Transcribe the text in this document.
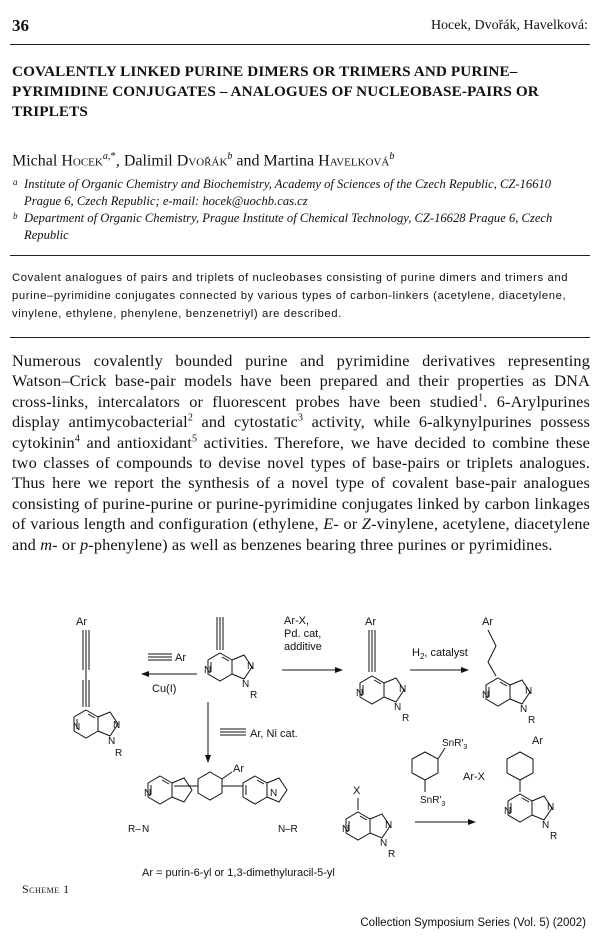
36	Hocek, Dvořák, Havelková:
COVALENTLY LINKED PURINE DIMERS OR TRIMERS AND PURINE–PYRIMIDINE CONJUGATES – ANALOGUES OF NUCLEOBASE-PAIRS OR TRIPLETS
Michal Hocek$^{a,*}$, Dalimil Dvořák$^b$ and Martina Havelková$^b$
a Institute of Organic Chemistry and Biochemistry, Academy of Sciences of the Czech Republic, CZ-16610 Prague 6, Czech Republic; e-mail: hocek@uochb.cas.cz
b Department of Organic Chemistry, Prague Institute of Chemical Technology, CZ-16628 Prague 6, Czech Republic
Covalent analogues of pairs and triplets of nucleobases consisting of purine dimers and trimers and purine–pyrimidine conjugates connected by various types of carbon-linkers (acetylene, diacetylene, vinylene, ethylene, phenylene, benzenetriyl) are described.
Numerous covalently bounded purine and pyrimidine derivatives representing Watson–Crick base-pair models have been prepared and their properties as DNA cross-links, intercalators or fluorescent probes have been studied$^1$. 6-Arylpurines display antimycobacterial$^2$ and cytostatic$^3$ activity, while 6-alkynylpurines possess cytokinin$^4$ and antioxidant$^5$ activities. Therefore, we have decided to combine these two classes of compounds to devise novel types of base-pairs or triplets analogues. Thus here we report the synthesis of a novel type of covalent base-pair analogues consisting of purine-purine or purine-pyrimidine conjugates linked by carbon linkages of various length and configuration (ethylene, E- or Z-vinylene, acetylene, diacetylene and m- or p-phenylene) as well as benzenes bearing three purines or pyrimidines.
Ar
N	N
N
R
Ar
Cu(I)
N	N
N
R
Ar-X,
Pd. cat,
additive
Ar
N	N
N
R
$H_2$, catalyst
Ar
N	N
N
R
Ar, Ni cat.
Ar
N
R– N
N
N –R
X
N	N
N
R
$SnR'_3$
$SnR'_3$
Ar-X
Ar
N	N
N
R
Ar = purin-6-yl or 1,3-dimethyluracil-5-yl
Scheme 1
Collection Symposium Series (Vol. 5) (2002)
